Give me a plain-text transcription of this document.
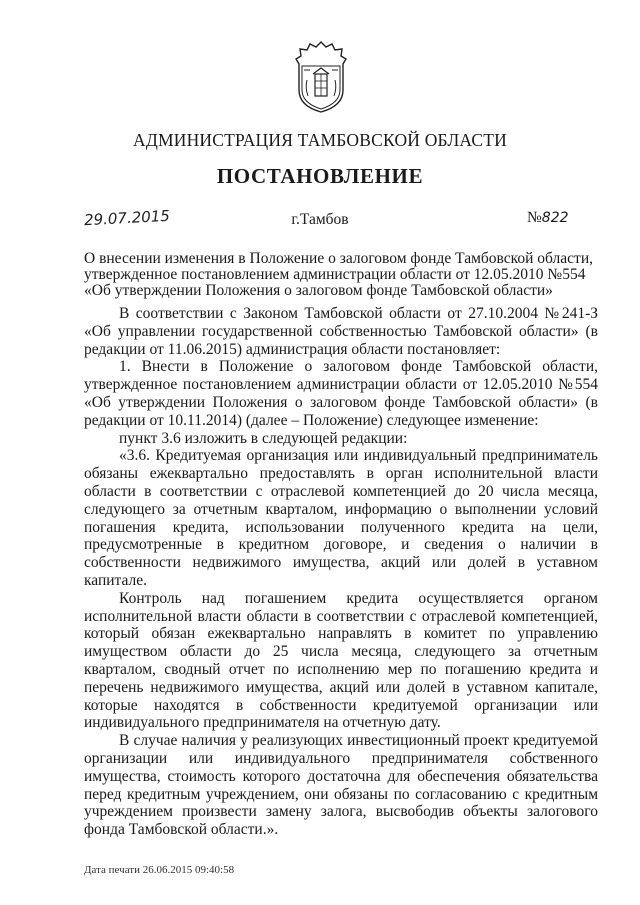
АДМИНИСТРАЦИЯ ТАМБОВСКОЙ ОБЛАСТИ
ПОСТАНОВЛЕНИЕ
29.07.2015	г.Тамбов	№822
О внесении изменения в Положение о залоговом фонде Тамбовской области, утвержденное постановлением администрации области от 12.05.2010 №554 «Об утверждении Положения о залоговом фонде Тамбовской области»

В соответствии с Законом Тамбовской области от 27.10.2004 №241-З «Об управлении государственной собственностью Тамбовской области» (в редакции от 11.06.2015) администрация области постановляет:

1. Внести в Положение о залоговом фонде Тамбовской области, утвержденное постановлением администрации области от 12.05.2010 №554 «Об утверждении Положения о залоговом фонде Тамбовской области» (в редакции от 10.11.2014) (далее – Положение) следующее изменение:

пункт 3.6 изложить в следующей редакции:

«3.6. Кредитуемая организация или индивидуальный предприниматель обязаны ежеквартально предоставлять в орган исполнительной власти области в соответствии с отраслевой компетенцией до 20 числа месяца, следующего за отчетным кварталом, информацию о выполнении условий погашения кредита, использовании полученного кредита на цели, предусмотренные в кредитном договоре, и сведения о наличии в собственности недвижимого имущества, акций или долей в уставном капитале.

Контроль над погашением кредита осуществляется органом исполнительной власти области в соответствии с отраслевой компетенцией, который обязан ежеквартально направлять в комитет по управлению имуществом области до 25 числа месяца, следующего за отчетным кварталом, сводный отчет по исполнению мер по погашению кредита и перечень недвижимого имущества, акций или долей в уставном капитале, которые находятся в собственности кредитуемой организации или индивидуального предпринимателя на отчетную дату.

В случае наличия у реализующих инвестиционный проект кредитуемой организации или индивидуального предпринимателя собственного имущества, стоимость которого достаточна для обеспечения обязательства перед кредитным учреждением, они обязаны по согласованию с кредитным учреждением произвести замену залога, высвободив объекты залогового фонда Тамбовской области.».

Дата печати 26.06.2015 09:40:58
